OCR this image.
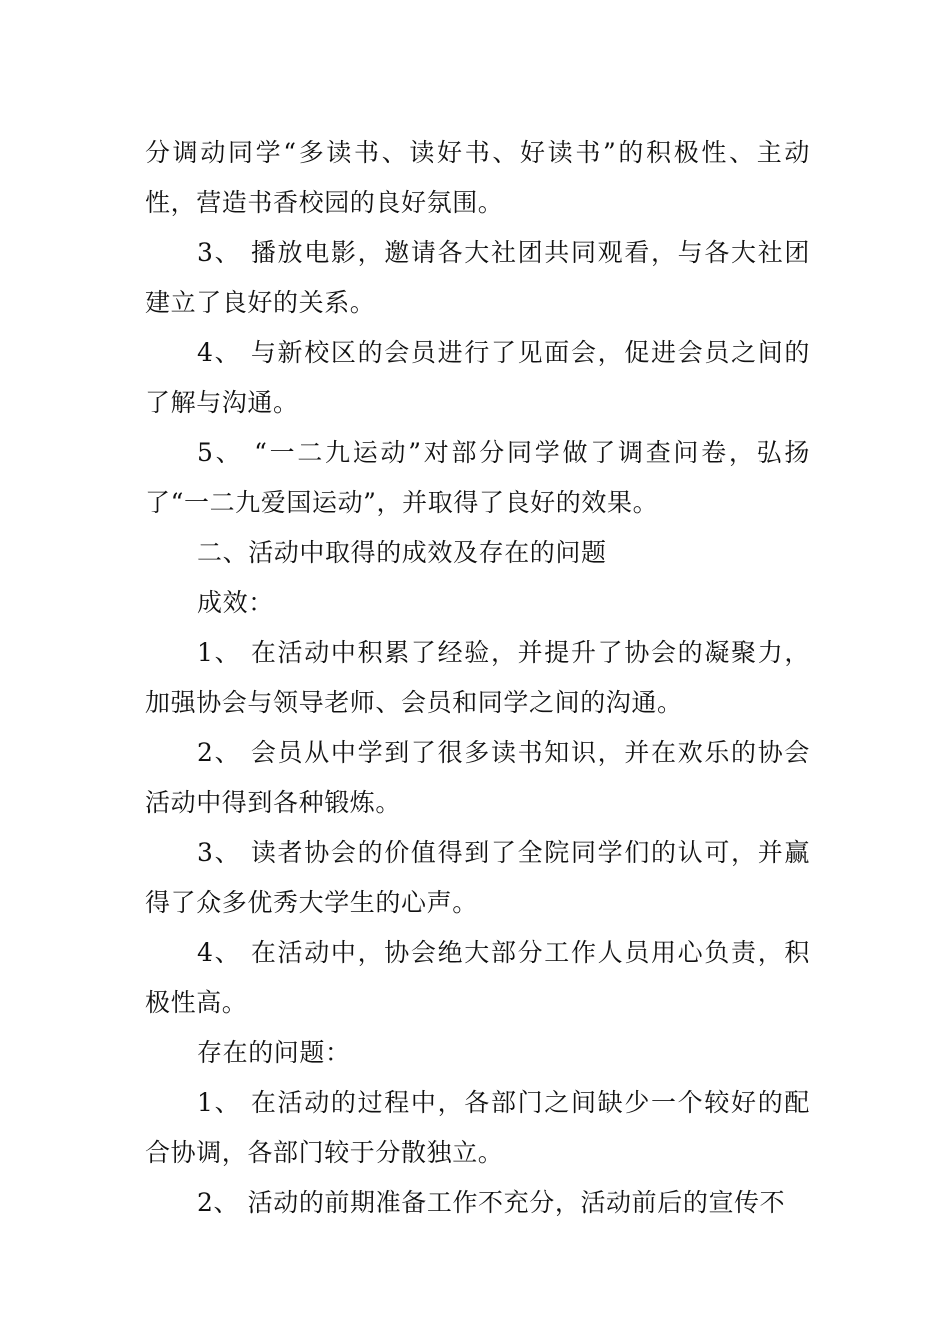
分调动同学“多读书、读好书、好读书”的积极性、主动性，营造书香校园的良好氛围。

3、 播放电影，邀请各大社团共同观看，与各大社团建立了良好的关系。

4、 与新校区的会员进行了见面会，促进会员之间的了解与沟通。

5、 “一二九运动”对部分同学做了调查问卷，弘扬了“一二九爱国运动”，并取得了良好的效果。

二、活动中取得的成效及存在的问题

成效：

1、 在活动中积累了经验，并提升了协会的凝聚力，加强协会与领导老师、会员和同学之间的沟通。

2、 会员从中学到了很多读书知识，并在欢乐的协会活动中得到各种锻炼。

3、 读者协会的价值得到了全院同学们的认可，并赢得了众多优秀大学生的心声。

4、 在活动中，协会绝大部分工作人员用心负责，积极性高。

存在的问题：

1、 在活动的过程中，各部门之间缺少一个较好的配合协调，各部门较于分散独立。

2、 活动的前期准备工作不充分，活动前后的宣传不
